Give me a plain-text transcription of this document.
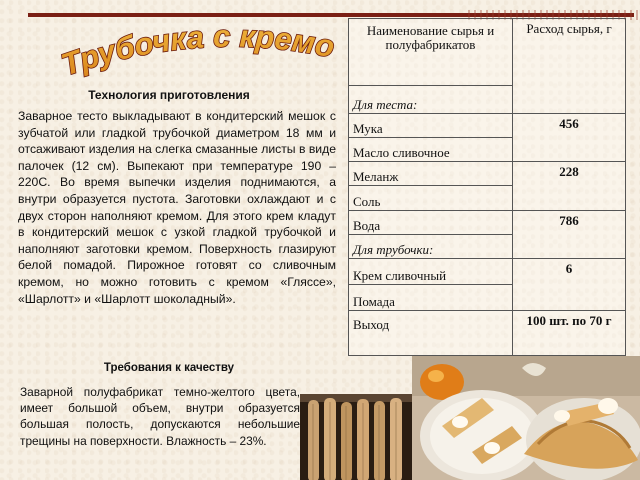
Трубочка с кремом
Технология приготовления
Заварное тесто выкладывают в кондитерский мешок с зубчатой или гладкой трубочкой диаметром 18 мм и отсаживают изделия на слегка смазанные листы в виде палочек (12 см). Выпекают при температуре 190 – 220С. Во время выпечки изделия поднимаются, а внутри образуется пустота. Заготовки охлаждают и с двух сторон наполняют кремом. Для этого крем кладут в кондитерский мешок с узкой гладкой трубочкой и наполняют заготовки кремом. Поверхность глазируют белой помадой. Пирожное готовят со сливочным кремом, но можно готовить с кремом «Гляссе», «Шарлотт» и «Шарлотт шоколадный».
Требования к качеству
Заварной полуфабрикат темно-желтого цвета, имеет большой объем, внутри образуется большая полость, допускаются небольшие трещины на поверхности. Влажность – 23%.
Наименование сырья и полуфабрикатов	Расход сырья, г
Для теста:	
Мука	456
Масло сливочное	
Меланж	228
Соль	
Вода	786
Для трубочки:	
Крем сливочный	6
Помада	
Выход	100 шт. по 70 г
